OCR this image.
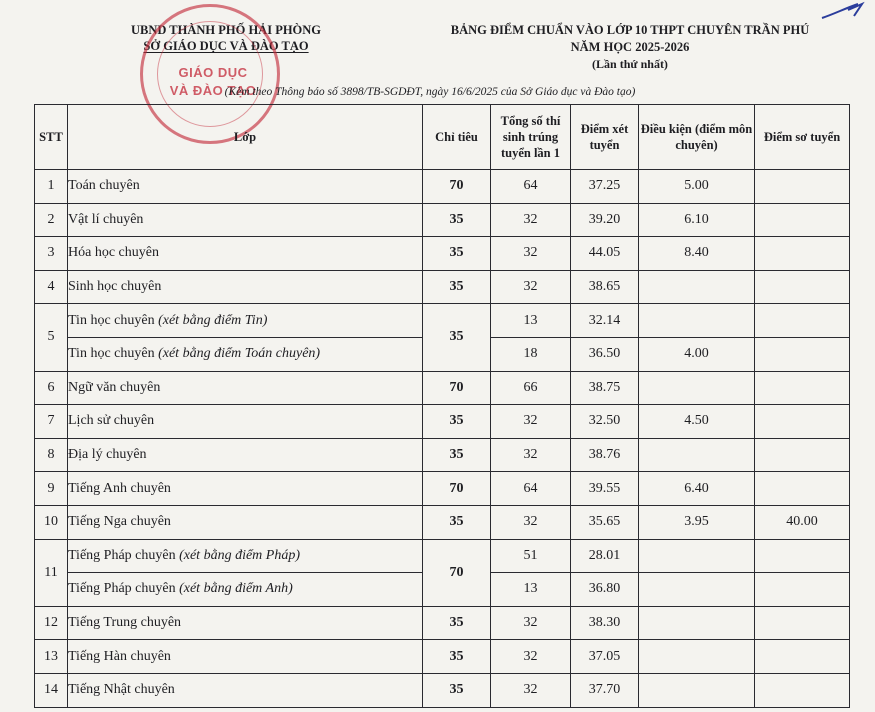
UBND THÀNH PHỐ HẢI PHÒNG
SỞ GIÁO DỤC VÀ ĐÀO TẠO
GIÁO DỤC
VÀ ĐÀO TẠO
BẢNG ĐIỂM CHUẨN VÀO LỚP 10 THPT CHUYÊN TRẦN PHÚ
NĂM HỌC 2025-2026
(Lần thứ nhất)
(Kèm theo Thông báo số 3898/TB-SGDĐT, ngày 16/6/2025 của Sở Giáo dục và Đào tạo)
STT	Lớp	Chỉ tiêu	Tổng số thí sinh trúng tuyển lần 1	Điểm xét tuyển	Điều kiện (điểm môn chuyên)	Điểm sơ tuyển
1	Toán chuyên	70	64	37.25	5.00	
2	Vật lí chuyên	35	32	39.20	6.10	
3	Hóa học chuyên	35	32	44.05	8.40	
4	Sinh học chuyên	35	32	38.65		
5	Tin học chuyên (xét bằng điểm Tin)	35	13	32.14		
	Tin học chuyên (xét bằng điểm Toán chuyên)		18	36.50	4.00	
6	Ngữ văn chuyên	70	66	38.75		
7	Lịch sử chuyên	35	32	32.50	4.50	
8	Địa lý chuyên	35	32	38.76		
9	Tiếng Anh chuyên	70	64	39.55	6.40	
10	Tiếng Nga chuyên	35	32	35.65	3.95	40.00
11	Tiếng Pháp chuyên (xét bằng điểm Pháp)	70	51	28.01		
	Tiếng Pháp chuyên (xét bằng điểm Anh)		13	36.80		
12	Tiếng Trung chuyên	35	32	38.30		
13	Tiếng Hàn chuyên	35	32	37.05		
14	Tiếng Nhật chuyên	35	32	37.70		
